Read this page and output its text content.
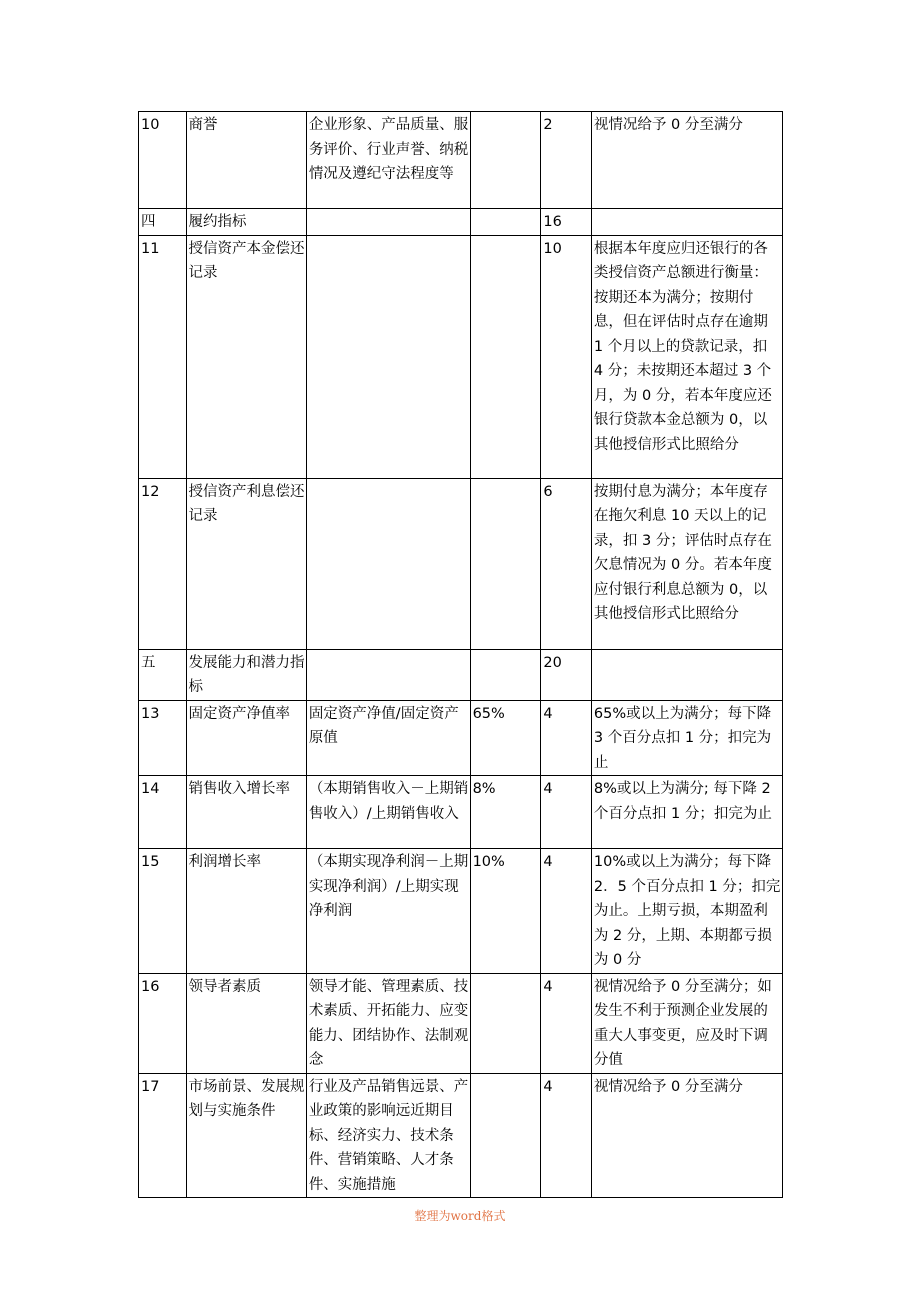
10	商誉	企业形象、产品质量、服务评价、行业声誉、纳税情况及遵纪守法程度等		2	视情况给予 0 分至满分
四	履约指标			16	
11	授信资产本金偿还记录			10	根据本年度应归还银行的各类授信资产总额进行衡量：按期还本为满分；按期付息，但在评估时点存在逾期 1 个月以上的贷款记录，扣 4 分；未按期还本超过 3 个月，为 0 分，若本年度应还银行贷款本金总额为 0，以其他授信形式比照给分
12	授信资产利息偿还记录			6	按期付息为满分；本年度存在拖欠利息 10 天以上的记录，扣 3 分；评估时点存在欠息情况为 0 分。若本年度应付银行利息总额为 0，以其他授信形式比照给分
五	发展能力和潜力指标			20	
13	固定资产净值率	固定资产净值/固定资产原值	65%	4	65%或以上为满分；每下降 3 个百分点扣 1 分；扣完为止
14	销售收入增长率	（本期销售收入－上期销售收入）/上期销售收入	8%	4	8%或以上为满分; 每下降 2 个百分点扣 1 分；扣完为止
15	利润增长率	（本期实现净利润－上期实现净利润）/上期实现净利润	10%	4	10%或以上为满分；每下降 2．5 个百分点扣 1 分；扣完为止。上期亏损，本期盈利为 2 分，上期、本期都亏损为 0 分
16	领导者素质	领导才能、管理素质、技术素质、开拓能力、应变能力、团结协作、法制观念		4	视情况给予 0 分至满分；如发生不利于预测企业发展的重大人事变更，应及时下调分值
17	市场前景、发展规划与实施条件	行业及产品销售远景、产业政策的影响远近期目标、经济实力、技术条件、营销策略、人才条件、实施措施		4	视情况给予 0 分至满分
整理为word格式
